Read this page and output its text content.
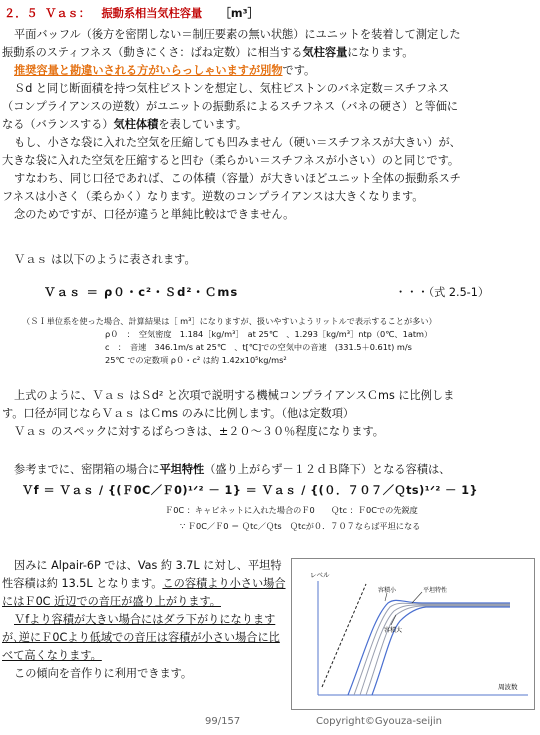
２．５ Ｖａｓ： 振動系相当気柱容量 ［m³］
平面バッフル（後方を密閉しない＝制圧要素の無い状態）にユニットを装着して測定した
振動系のスティフネス（動きにくさ：ばね定数）に相当する気柱容量になります。
推奨容量と勘違いされる方がいらっしゃいますが別物です。
Ｓd と同じ断面積を持つ気柱ピストンを想定し、気柱ピストンのバネ定数＝スチフネス
（コンプライアンスの逆数）がユニットの振動系によるスチフネス（バネの硬さ）と等価に
なる（バランスする）気柱体積を表しています。
もし、小さな袋に入れた空気を圧縮しても凹みません（硬い＝スチフネスが大きい）が、
大きな袋に入れた空気を圧縮すると凹む（柔らかい＝スチフネスが小さい）のと同じです。
すなわち、同じ口径であれば、この体積（容量）が大きいほどユニット全体の振動系スチ
フネスは小さく（柔らかく）なります。逆数のコンプライアンスは大きくなります。
念のためですが、口径が違うと単純比較はできません。
Ｖａｓ は以下のように表されます。
Ｖａｓ ＝ ρ０・c²・Ｓd²・Ｃms	・・・（式 2.5-1）
（ＳＩ単位系を使った場合、計算結果は［ m³］になりますが、扱いやすいようリットルで表示することが多い）
ρ０　：　空気密度　1.184［kg/m³］　at 25℃　、1.293［kg/m³］ntp（0℃、1atm）
c　：　音速　346.1m/s at 25℃　、t[℃]での空気中の音速　(331.5＋0.61t) m/s
25℃ での定数項 ρ０・c² は約 1.42x10⁵kg/ms²
上式のように、Ｖａｓ はＳd² と次項で説明する機械コンプライアンスＣms に比例しま
す。口径が同じならＶａｓ はＣms のみに比例します。（他は定数項）
Ｖａｓ のスペックに対するばらつきは、±２０～３０％程度になります。
参考までに、密閉箱の場合に平坦特性（盛り上がらず－１２ｄＢ降下）となる容積は、
Ｖf ＝ Ｖａｓ / {(Ｆ0C／Ｆ0)¹ᐟ² － 1} ＝ Ｖａｓ / {(０．７０７／Ｑts)¹ᐟ² － 1}
Ｆ0C ：キャビネットに入れた場合のＦ0　　Ｑtc ：Ｆ0Cでの先鋭度
∵ Ｆ0C／Ｆ0 ＝ Ｑtc／Ｑts　Ｑtcが０．７０７ならば平坦になる
因みに Alpair-6P では、Vas 約 3.7L に対し、平坦特
性容積は約 13.5L となります。この容積より小さい場合
にはＦ0C 近辺での音圧が盛り上がります。
Ｖfより容積が大きい場合にはダラ下がりになります
が､逆にＦ0Cより低域での音圧は容積が小さい場合に比
べて高くなります。
この傾向を音作りに利用できます。
レベル
周波数
容積小	平坦特性
容積大
99/157	Copyright©Gyouza-seijin
